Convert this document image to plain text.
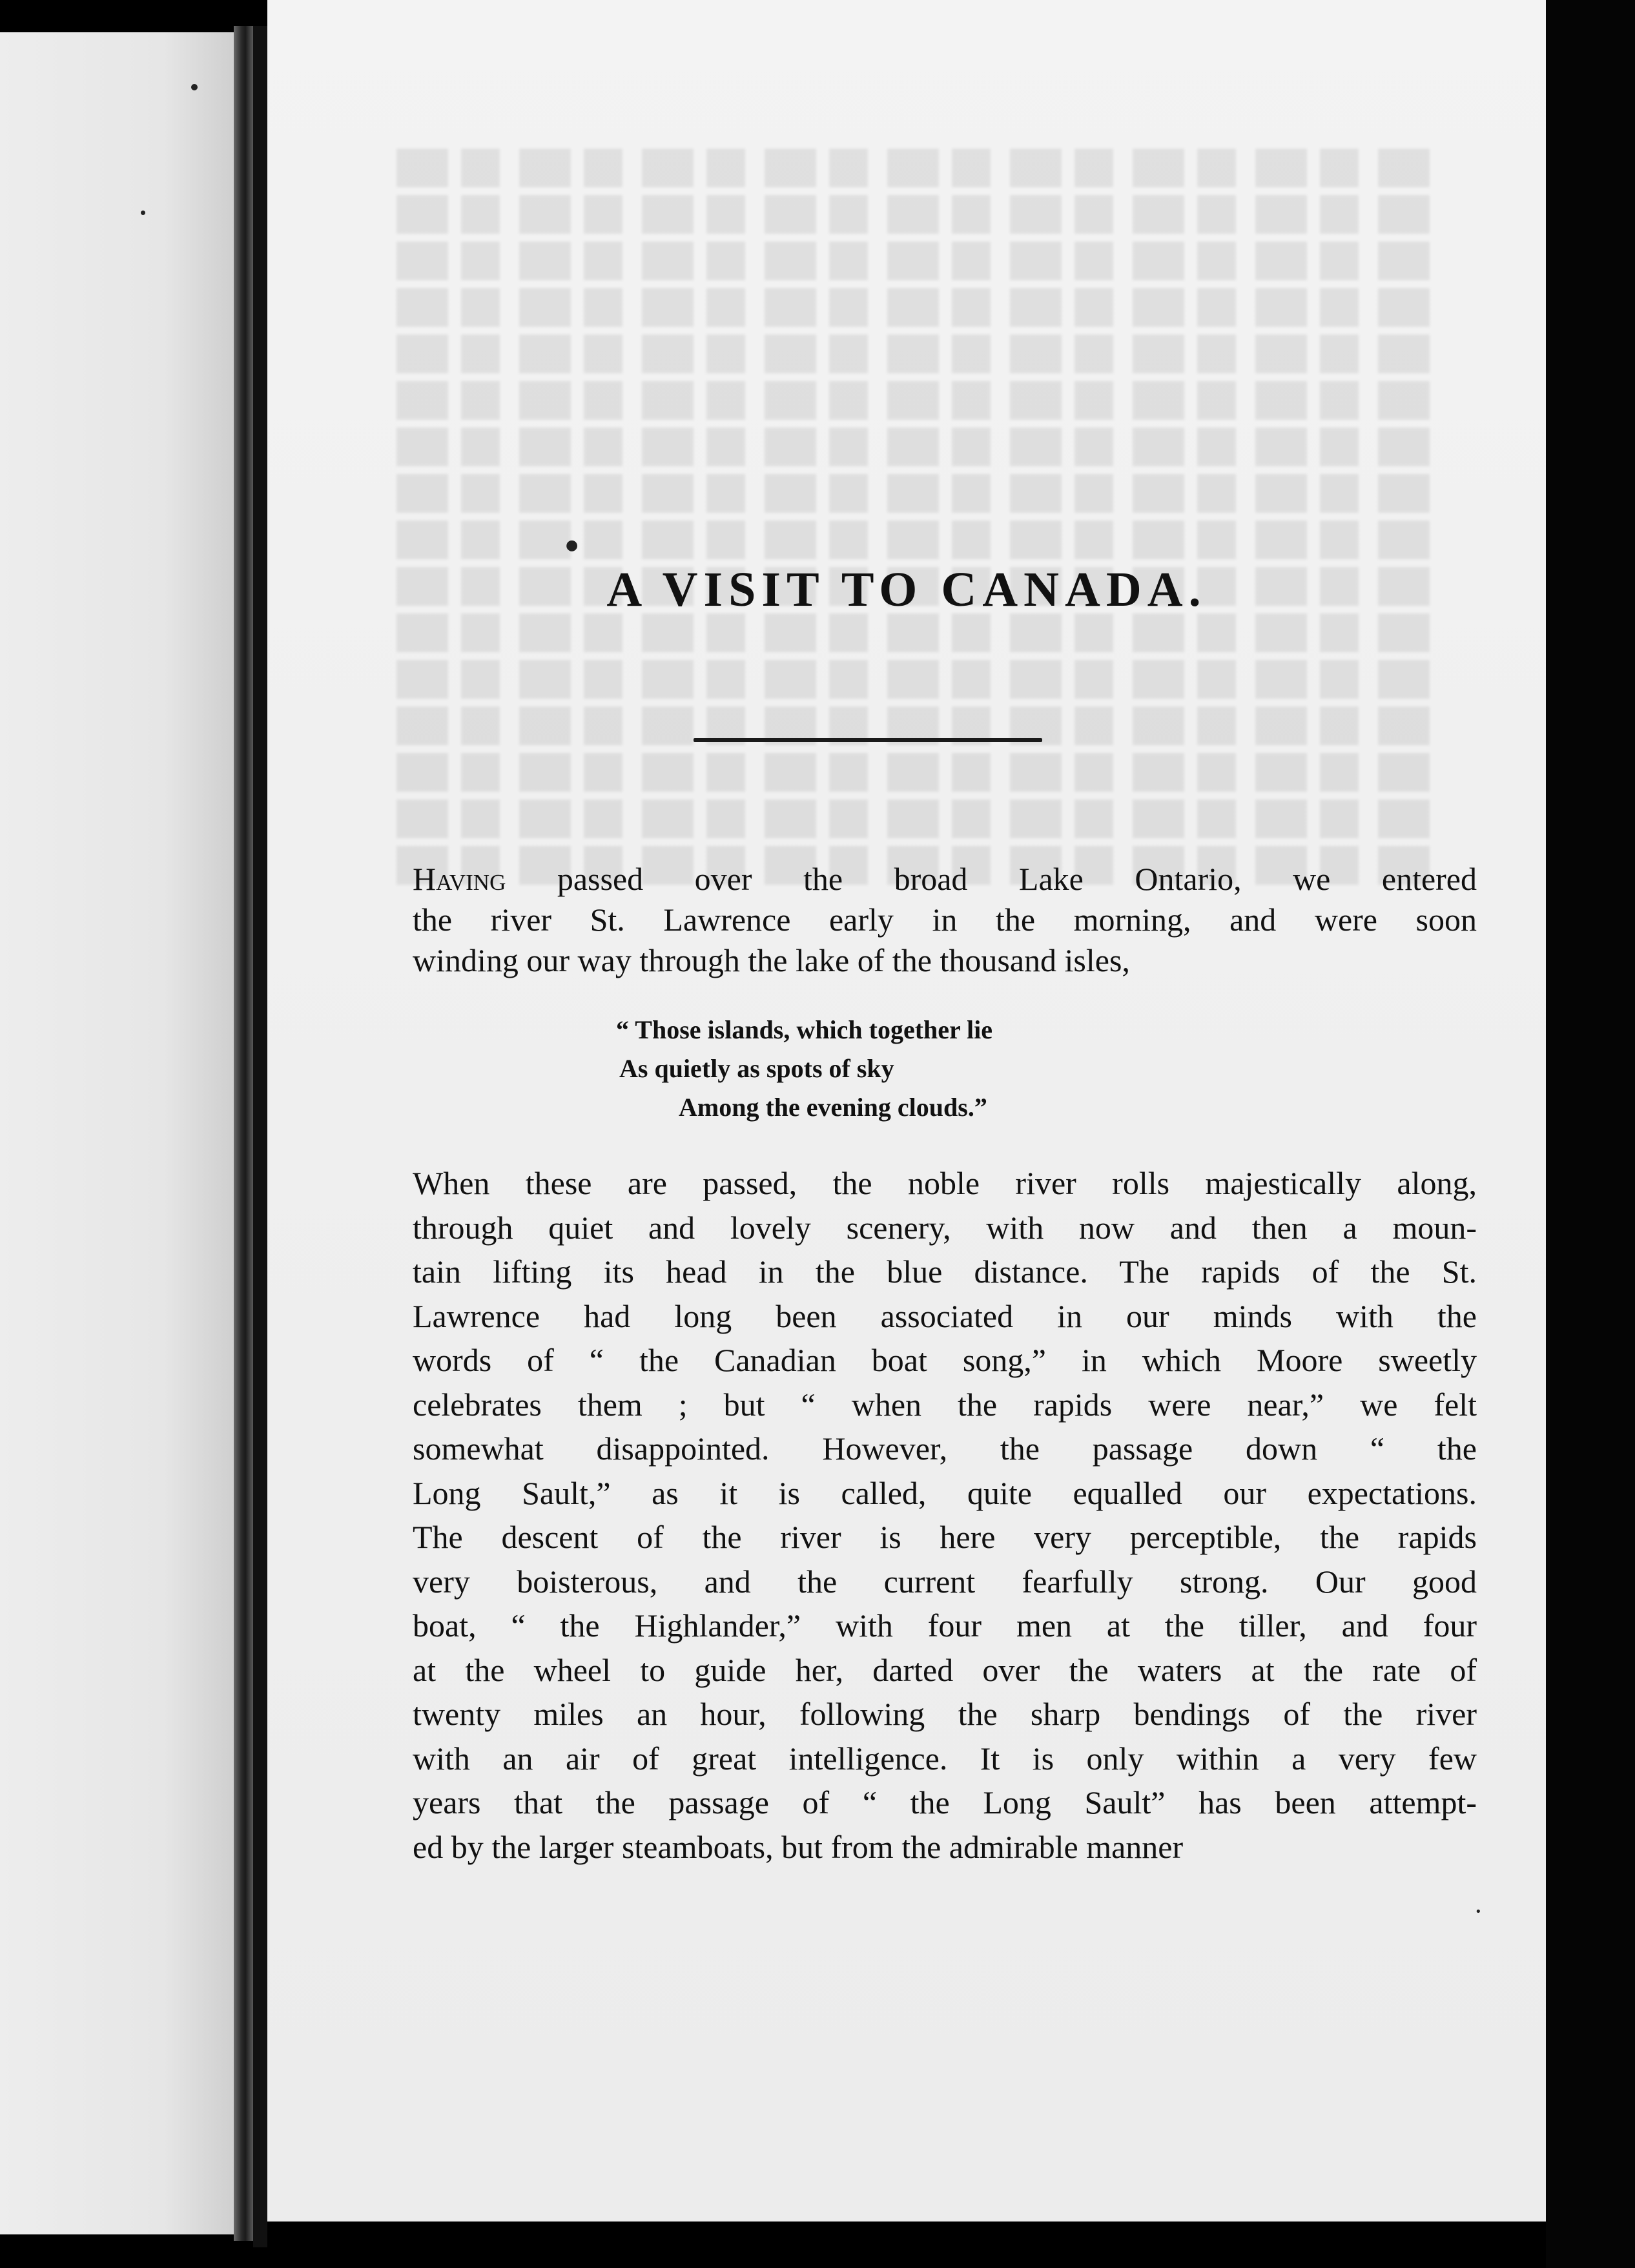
●
A VISIT TO CANADA.

Having passed over the broad Lake Ontario, we entered
the river St. Lawrence early in the morning, and were soon
winding our way through the lake of the thousand isles,

“ Those islands, which together lie
As quietly as spots of sky
Among the evening clouds.”

When these are passed, the noble river rolls majestically along,
through quiet and lovely scenery, with now and then a moun-
tain lifting its head in the blue distance. The rapids of the St.
Lawrence had long been associated in our minds with the
words of “ the Canadian boat song,” in which Moore sweetly
celebrates them ; but “ when the rapids were near,” we felt
somewhat disappointed. However, the passage down “ the
Long Sault,” as it is called, quite equalled our expectations.
The descent of the river is here very perceptible, the rapids
very boisterous, and the current fearfully strong. Our good
boat, “ the Highlander,” with four men at the tiller, and four
at the wheel to guide her, darted over the waters at the rate of
twenty miles an hour, following the sharp bendings of the river
with an air of great intelligence. It is only within a very few
years that the passage of “ the Long Sault” has been attempt-
ed by the larger steamboats, but from the admirable manner

•
